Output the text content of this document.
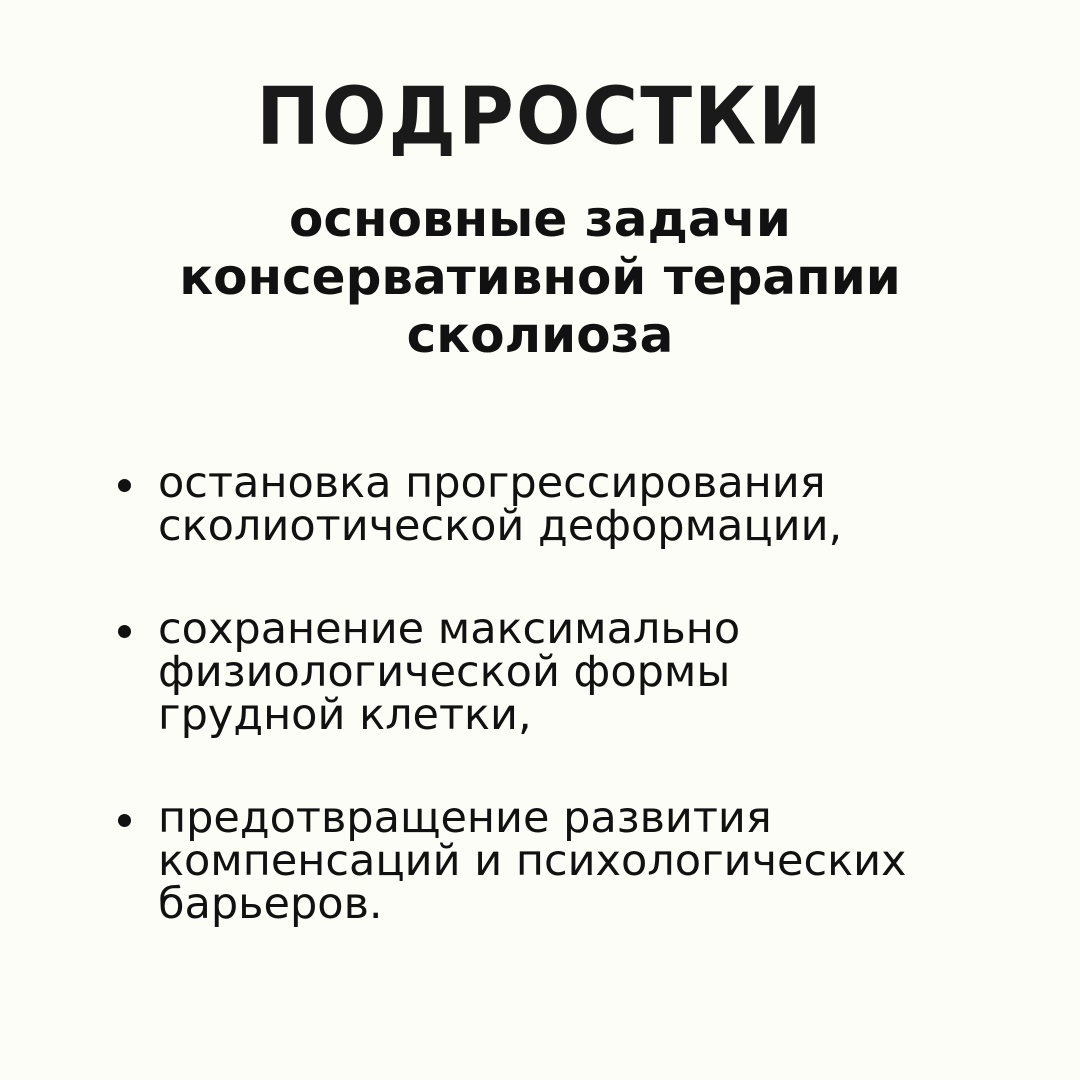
ПОДРОСТКИ
основные задачи
консервативной терапии
сколиоза
остановка прогрессирования
сколиотической деформации,
сохранение максимально
физиологической формы
грудной клетки,
предотвращение развития
компенсаций и психологических
барьеров.
